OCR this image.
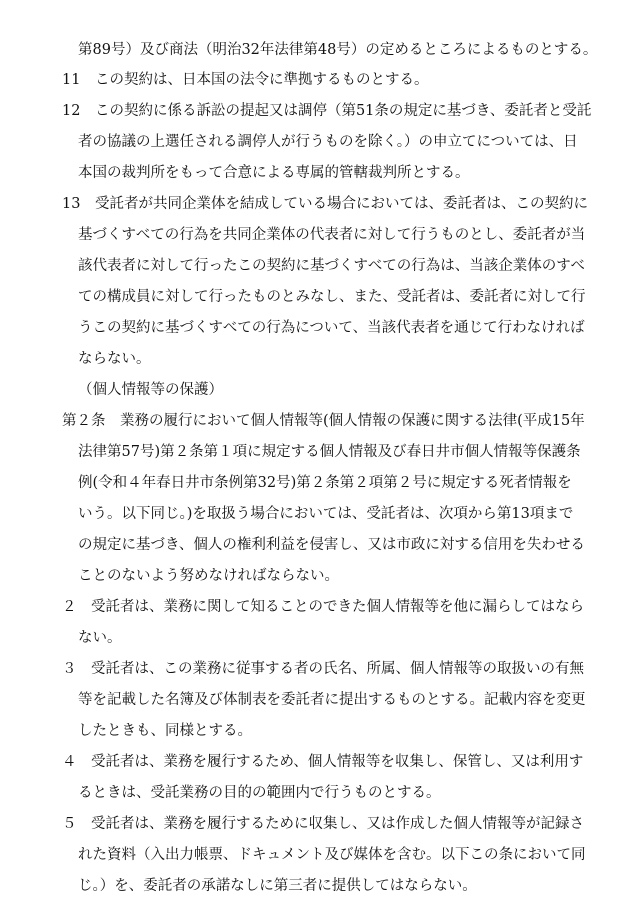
第89号）及び商法（明治32年法律第48号）の定めるところによるものとする。
11　この契約は、日本国の法令に準拠するものとする。
12　この契約に係る訴訟の提起又は調停（第51条の規定に基づき、委託者と受託
者の協議の上選任される調停人が行うものを除く。）の申立てについては、日
本国の裁判所をもって合意による専属的管轄裁判所とする。
13　受託者が共同企業体を結成している場合においては、委託者は、この契約に
基づくすべての行為を共同企業体の代表者に対して行うものとし、委託者が当
該代表者に対して行ったこの契約に基づくすべての行為は、当該企業体のすべ
ての構成員に対して行ったものとみなし、また、受託者は、委託者に対して行
うこの契約に基づくすべての行為について、当該代表者を通じて行わなければ
ならない。
（個人情報等の保護）
第２条　業務の履行において個人情報等(個人情報の保護に関する法律(平成15年
法律第57号)第２条第１項に規定する個人情報及び春日井市個人情報等保護条
例(令和４年春日井市条例第32号)第２条第２項第２号に規定する死者情報を
いう。以下同じ。)を取扱う場合においては、受託者は、次項から第13項まで
の規定に基づき、個人の権利利益を侵害し、又は市政に対する信用を失わせる
ことのないよう努めなければならない。
２　受託者は、業務に関して知ることのできた個人情報等を他に漏らしてはなら
ない。
３　受託者は、この業務に従事する者の氏名、所属、個人情報等の取扱いの有無
等を記載した名簿及び体制表を委託者に提出するものとする。記載内容を変更
したときも、同様とする。
４　受託者は、業務を履行するため、個人情報等を収集し、保管し、又は利用す
るときは、受託業務の目的の範囲内で行うものとする。
５　受託者は、業務を履行するために収集し、又は作成した個人情報等が記録さ
れた資料（入出力帳票、ドキュメント及び媒体を含む。以下この条において同
じ。）を、委託者の承諾なしに第三者に提供してはならない。
